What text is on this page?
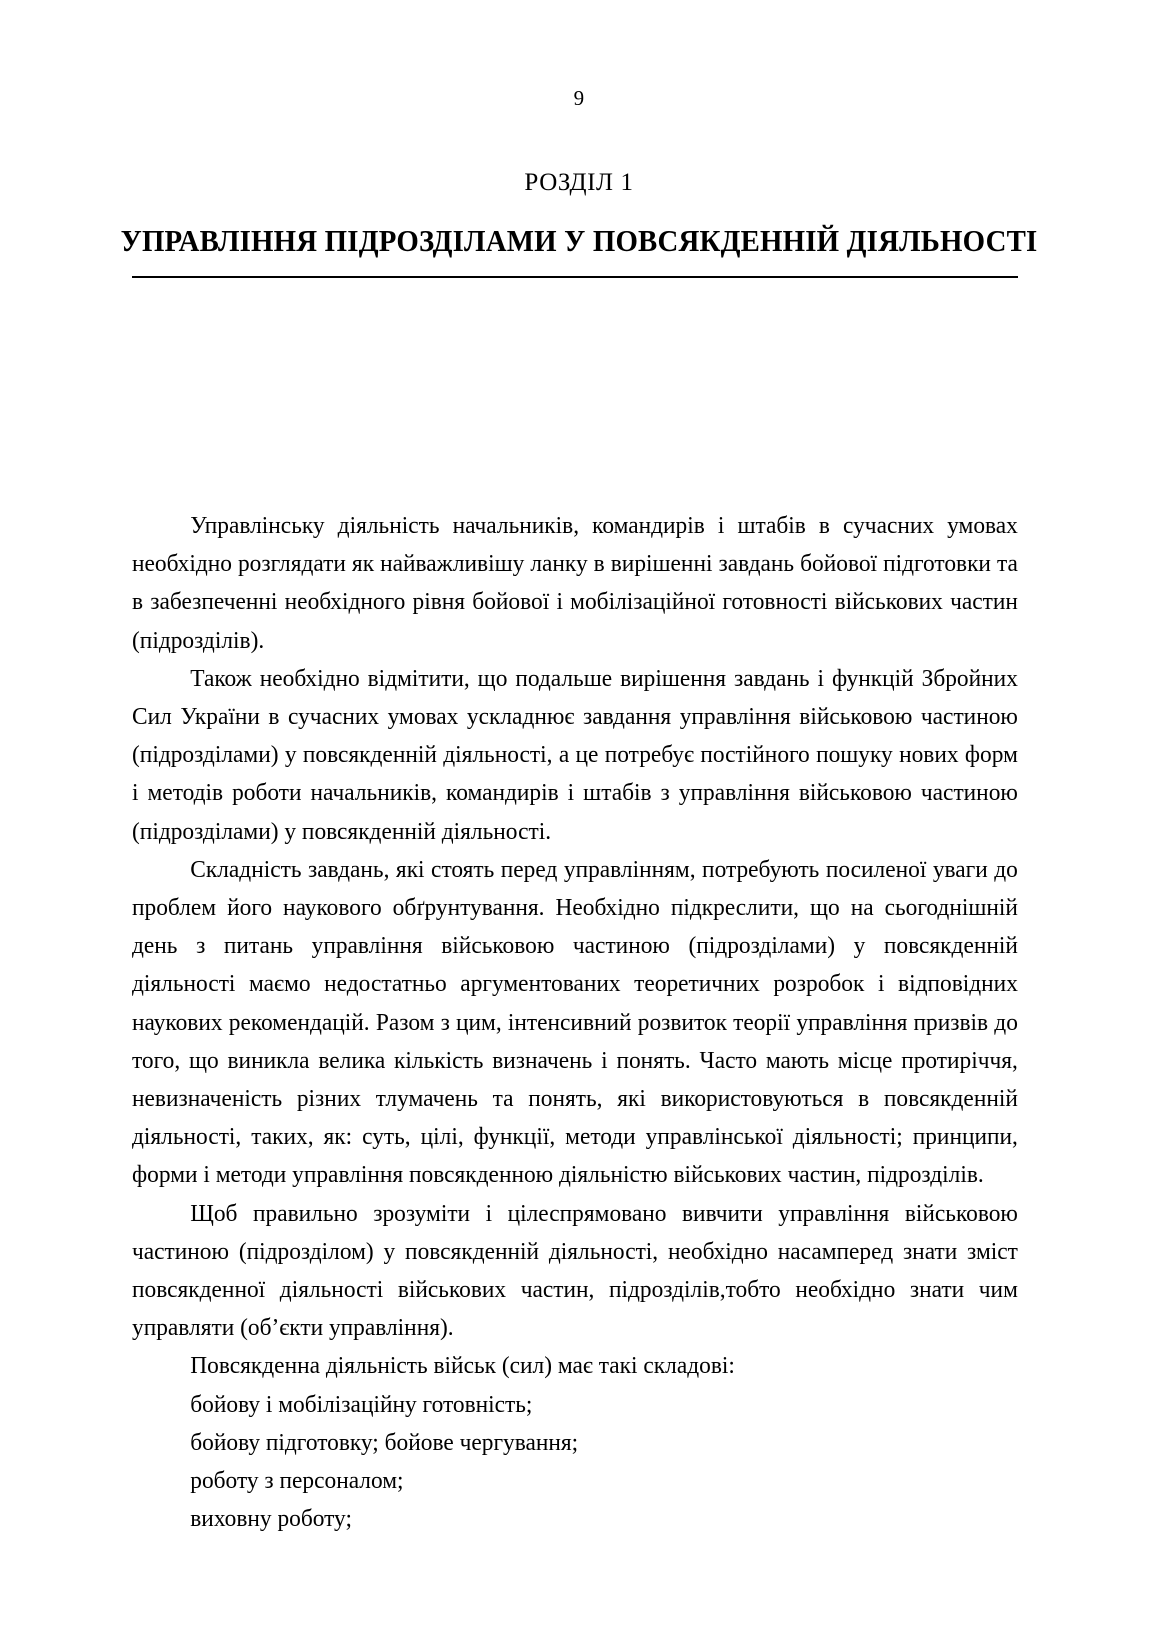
9
РОЗДІЛ 1
УПРАВЛІННЯ ПІДРОЗДІЛАМИ У ПОВСЯКДЕННІЙ ДІЯЛЬНОСТІ

Управлінську діяльність начальників, командирів і штабів в сучасних умовах необхідно розглядати як найважливішу ланку в вирішенні завдань бойової підготовки та в забезпеченні необхідного рівня бойової і мобілізаційної готовності військових частин (підрозділів).

Також необхідно відмітити, що подальше вирішення завдань і функцій Збройних Сил України в сучасних умовах ускладнює завдання управління військовою частиною (підрозділами) у повсякденній діяльності, а це потребує постійного пошуку нових форм і методів роботи начальників, командирів і штабів з управління військовою частиною (підрозділами) у повсякденній діяльності.

Складність завдань, які стоять перед управлінням, потребують посиленої уваги до проблем його наукового обґрунтування. Необхідно підкреслити, що на сьогоднішній день з питань управління військовою частиною (підрозділами) у повсякденній діяльності маємо недостатньо аргументованих теоретичних розробок і відповідних наукових рекомендацій. Разом з цим, інтенсивний розвиток теорії управління призвів до того, що виникла велика кількість визначень і понять. Часто мають місце протиріччя, невизначеність різних тлумачень та понять, які використовуються в повсякденній діяльності, таких, як: суть, цілі, функції, методи управлінської діяльності; принципи, форми і методи управління повсякденною діяльністю військових частин, підрозділів.

Щоб правильно зрозуміти і цілеспрямовано вивчити управління військовою частиною (підрозділом) у повсякденній діяльності, необхідно насамперед знати зміст повсякденної діяльності військових частин, підрозділів,тобто необхідно знати чим управляти (об’єкти управління).

Повсякденна діяльність військ (сил) має такі складові:

бойову і мобілізаційну готовність;

бойову підготовку; бойове чергування;

роботу з персоналом;

виховну роботу;
